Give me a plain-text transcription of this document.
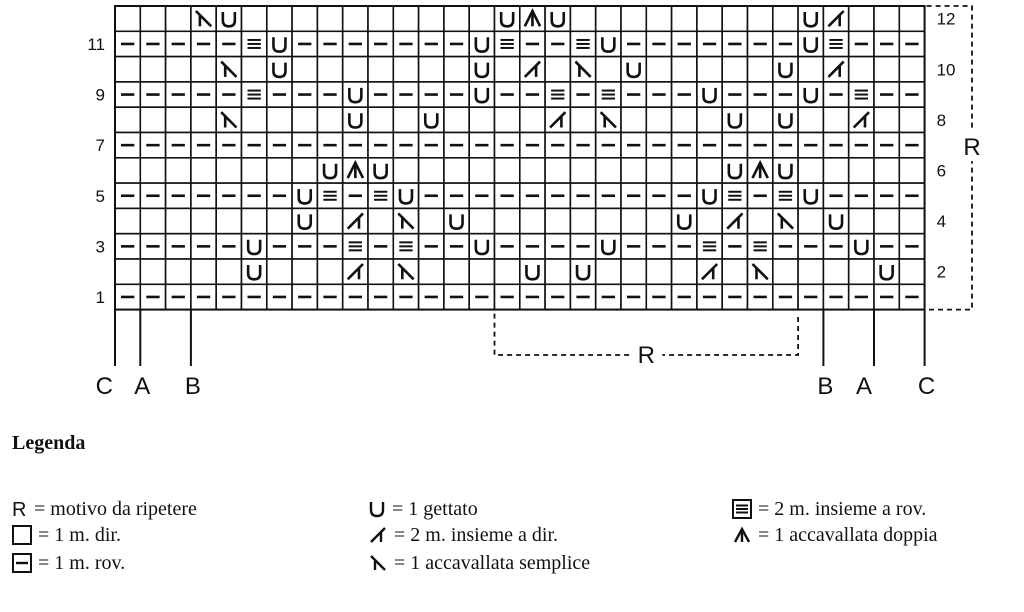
11
9
7
5
3
1
12
10
8
6
4
2
R
R
C A B	B A C
Legenda
R = motivo da ripetere
= 1 m. dir.
= 1 m. rov.
= 1 gettato
= 2 m. insieme a dir.
= 1 accavallata semplice
= 2 m. insieme a rov.
= 1 accavallata doppia
